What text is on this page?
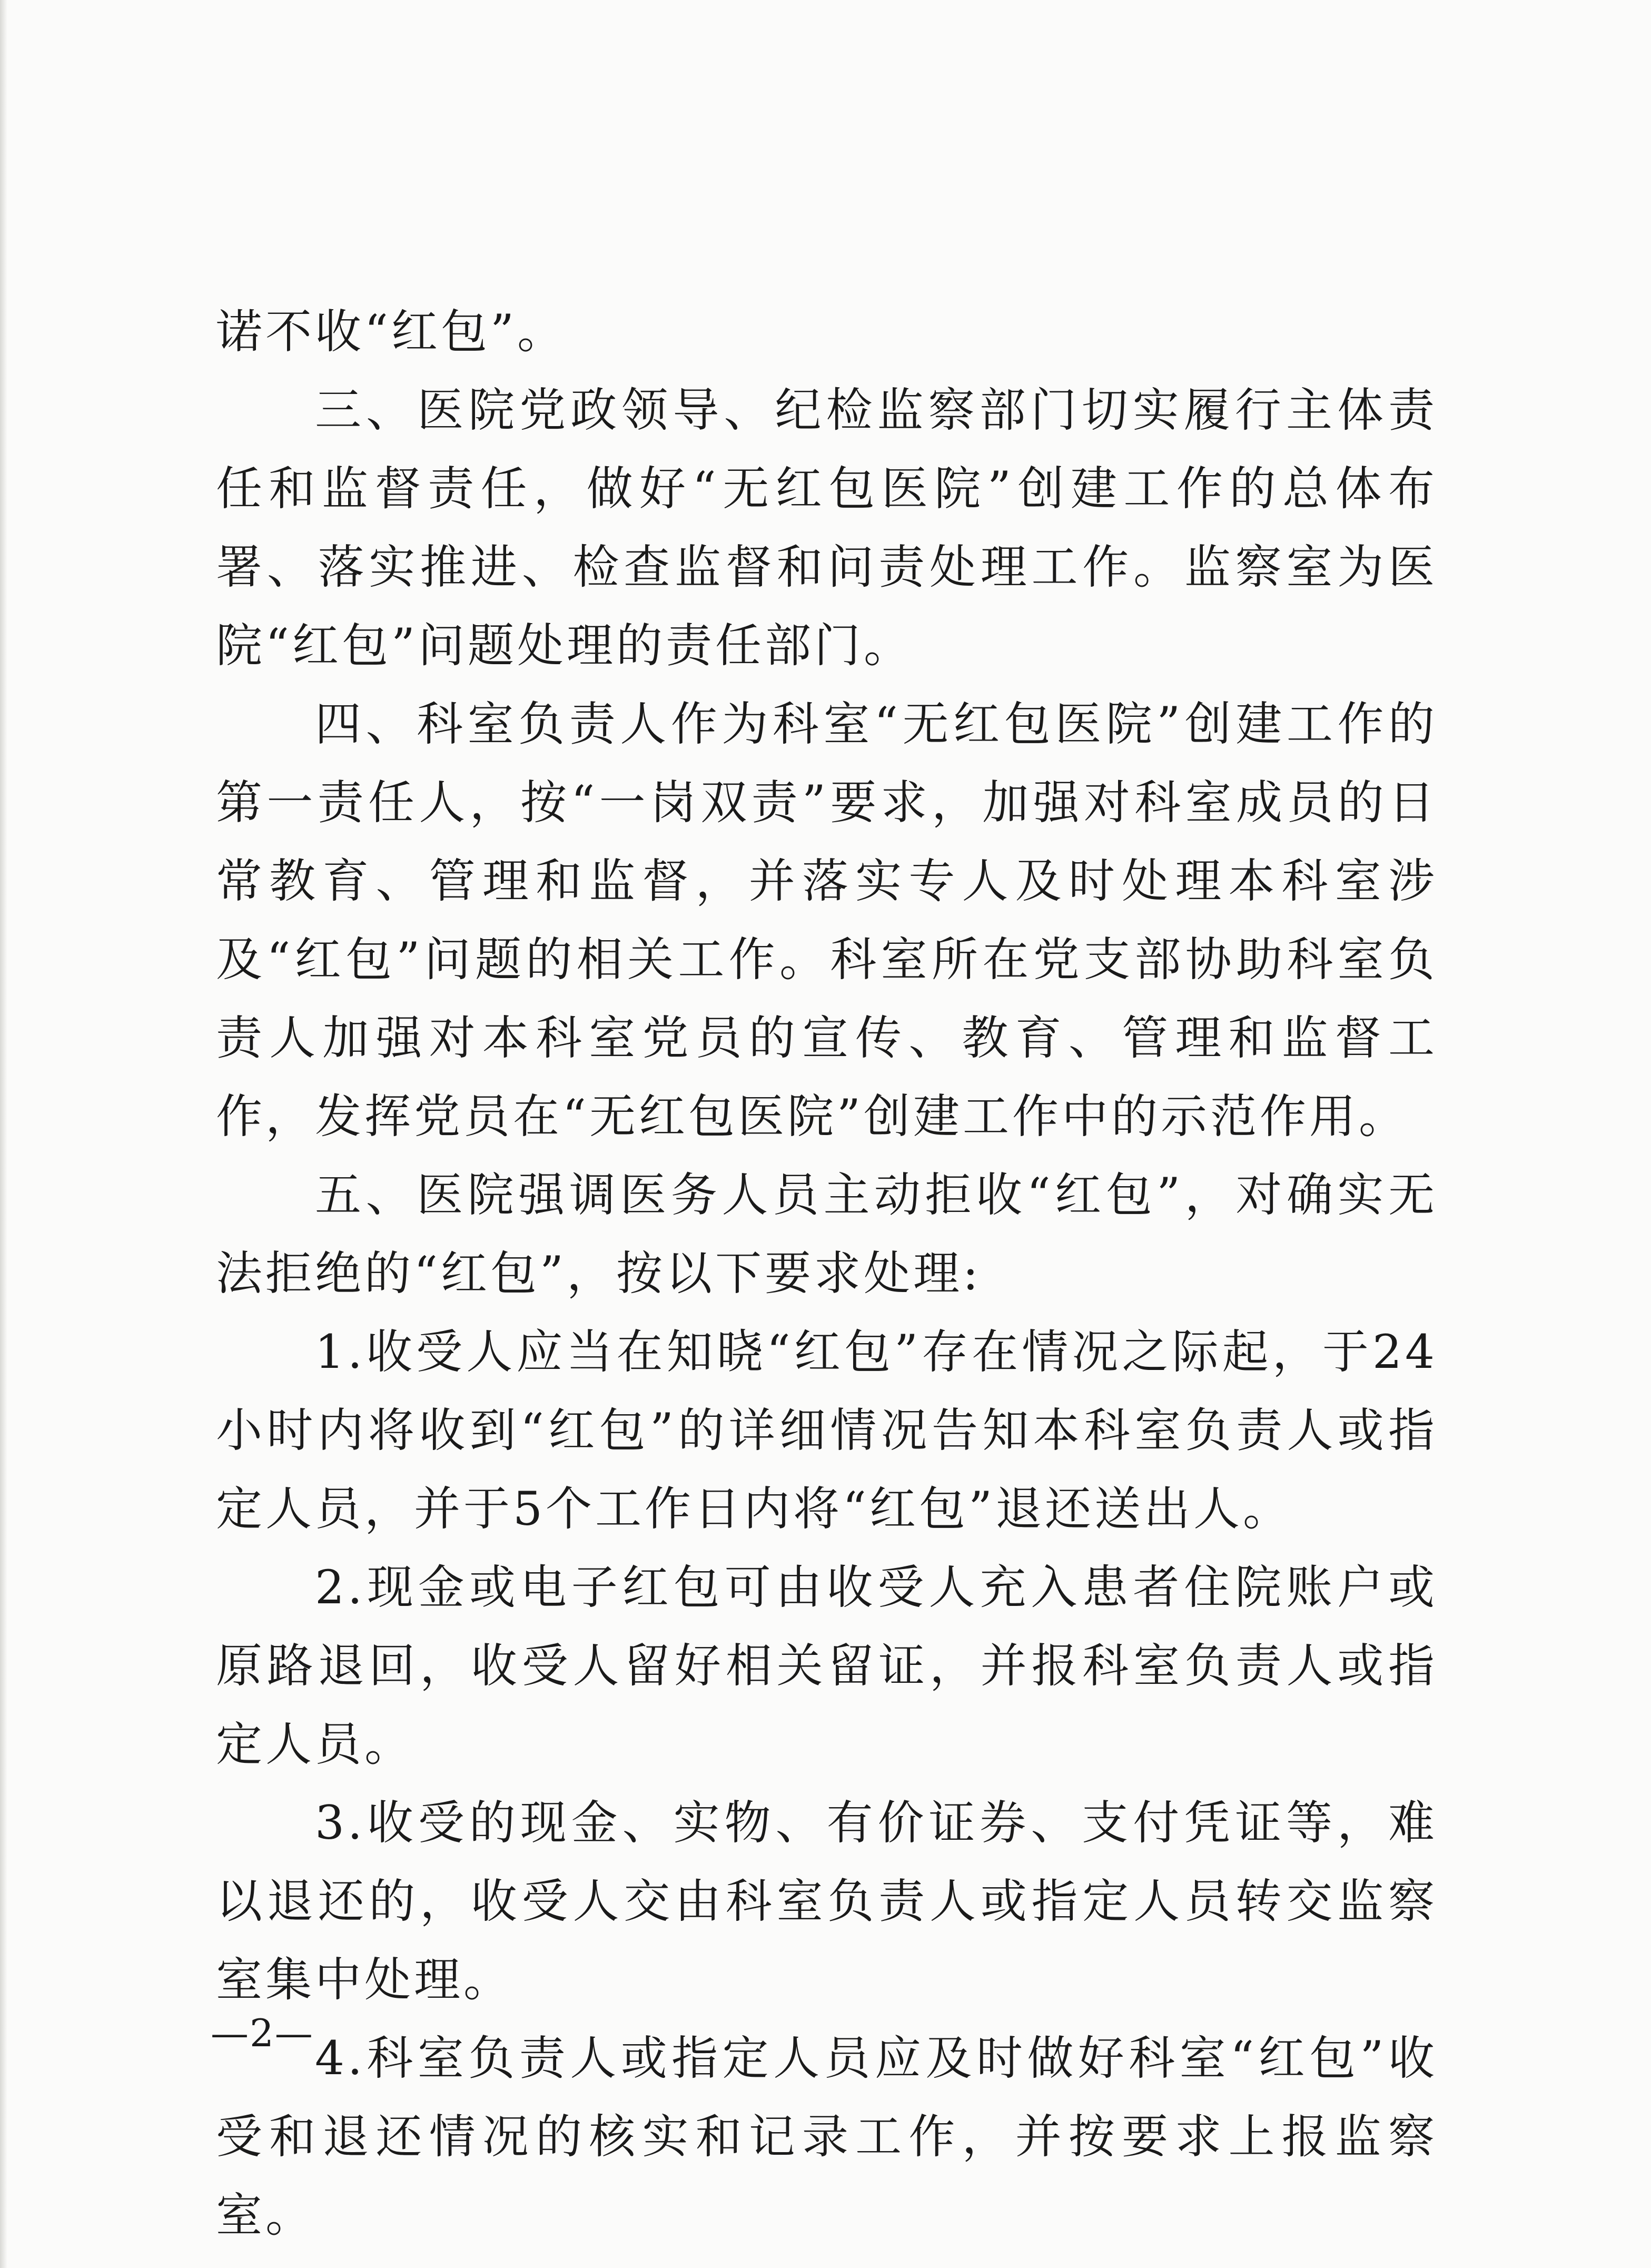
诺不收“红包”。

三、医院党政领导、纪检监察部门切实履行主体责任和监督责任，做好“无红包医院”创建工作的总体布署、落实推进、检查监督和问责处理工作。监察室为医院“红包”问题处理的责任部门。

四、科室负责人作为科室“无红包医院”创建工作的第一责任人，按“一岗双责”要求，加强对科室成员的日常教育、管理和监督，并落实专人及时处理本科室涉及“红包”问题的相关工作。科室所在党支部协助科室负责人加强对本科室党员的宣传、教育、管理和监督工作，发挥党员在“无红包医院”创建工作中的示范作用。

五、医院强调医务人员主动拒收“红包”，对确实无法拒绝的“红包”，按以下要求处理:

1.收受人应当在知晓“红包”存在情况之际起，于24小时内将收到“红包”的详细情况告知本科室负责人或指定人员，并于5个工作日内将“红包”退还送出人。

2.现金或电子红包可由收受人充入患者住院账户或原路退回，收受人留好相关留证，并报科室负责人或指定人员。

3.收受的现金、实物、有价证券、支付凭证等，难以退还的，收受人交由科室负责人或指定人员转交监察室集中处理。

4.科室负责人或指定人员应及时做好科室“红包”收受和退还情况的核实和记录工作，并按要求上报监察室。

—2—
